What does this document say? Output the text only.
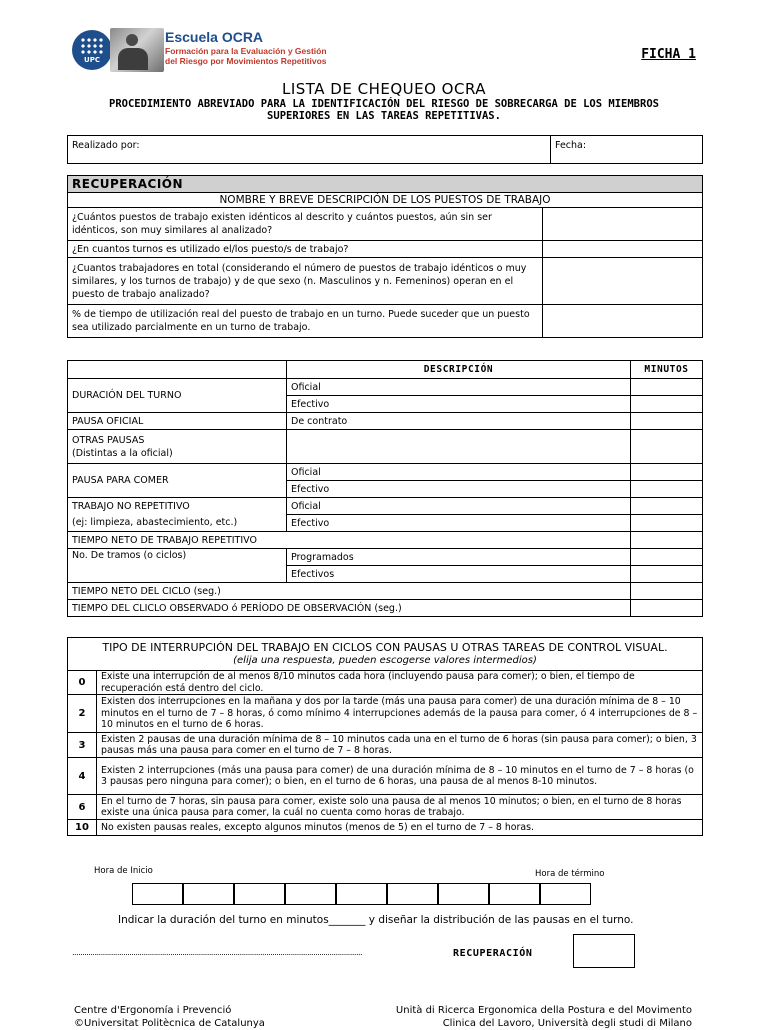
UPC
Escuela OCRA
Formación para la Evaluación y Gestión
del Riesgo por Movimientos Repetitivos	FICHA 1
LISTA DE CHEQUEO OCRA
PROCEDIMIENTO ABREVIADO PARA LA IDENTIFICACIÓN DEL RIESGO DE SOBRECARGA DE LOS MIEMBROS
SUPERIORES EN LAS TAREAS REPETITIVAS.
Realizado por:	Fecha:
RECUPERACIÓN	
NOMBRE Y BREVE DESCRIPCIÓN DE LOS PUESTOS DE TRABAJO	
¿Cuántos puestos de trabajo existen idénticos al descrito y cuántos puestos, aún sin ser idénticos, son muy similares al analizado?	
¿En cuantos turnos es utilizado el/los puesto/s de trabajo?	
¿Cuantos trabajadores en total (considerando el número de puestos de trabajo idénticos o muy similares, y los turnos de trabajo) y de que sexo (n. Masculinos y n. Femeninos) operan en el puesto de trabajo analizado?	
% de tiempo de utilización real del puesto de trabajo en un turno. Puede suceder que un puesto sea utilizado parcialmente en un turno de trabajo.	
	DESCRIPCIÓN	MINUTOS
DURACIÓN DEL TURNO	Oficial	
	Efectivo	
PAUSA OFICIAL	De contrato	

OTRAS PAUSAS
(Distintas a la oficial)		

PAUSA PARA COMER	Oficial	
	Efectivo	
TRABAJO NO REPETITIVO	Oficial	
(ej: limpieza, abastecimiento, etc.)	Efectivo	
TIEMPO NETO DE TRABAJO REPETITIVO		
No. De tramos (o ciclos)	Programados	
	Efectivos	
TIEMPO NETO DEL CICLO (seg.)		
TIEMPO DEL CLICLO OBSERVADO ó PERÍODO DE OBSERVACIÓN (seg.)		
TIPO DE INTERRUPCIÓN DEL TRABAJO EN CICLOS CON PAUSAS U OTRAS TAREAS DE CONTROL VISUAL.
(elija una respuesta, pueden escogerse valores intermedios)	

0	Existe una interrupción de al menos 8/10 minutos cada hora (incluyendo pausa para comer); o bien, el tiempo de recuperación está dentro del ciclo.
2	Existen dos interrupciones en la mañana y dos por la tarde (más una pausa para comer) de una duración mínima de 8 – 10 minutos en el turno de 7 – 8 horas, ó como mínimo 4 interrupciones además de la pausa para comer, ó 4 interrupciones de 8 – 10 minutos en el turno de 6 horas.
3	Existen 2 pausas de una duración mínima de 8 – 10 minutos cada una en el turno de 6 horas (sin pausa para comer); o bien, 3 pausas más una pausa para comer en el turno de 7 – 8 horas.
4	Existen 2 interrupciones (más una pausa para comer) de una duración mínima de 8 – 10 minutos en el turno de 7 – 8 horas (o 3 pausas pero ninguna para comer); o bien, en el turno de 6 horas, una pausa de al menos 8-10 minutos.
6	En el turno de 7 horas, sin pausa para comer, existe solo una pausa de al menos 10 minutos; o bien, en el turno de 8 horas existe una única pausa para comer, la cuál no cuenta como horas de trabajo.
10	No existen pausas reales, excepto algunos minutos (menos de 5) en el turno de 7 – 8 horas.
Hora de Inicio	Hora de término
Indicar la duración del turno en minutos_______ y diseñar la distribución de las pausas en el turno.
..............................................................................................................................................	RECUPERACIÓN
Centre d'Ergonomía i Prevenció
©Universitat Politècnica de Catalunya
Unità di Ricerca Ergonomica della Postura e del Movimento
Clinica del Lavoro, Università degli studi di Milano
